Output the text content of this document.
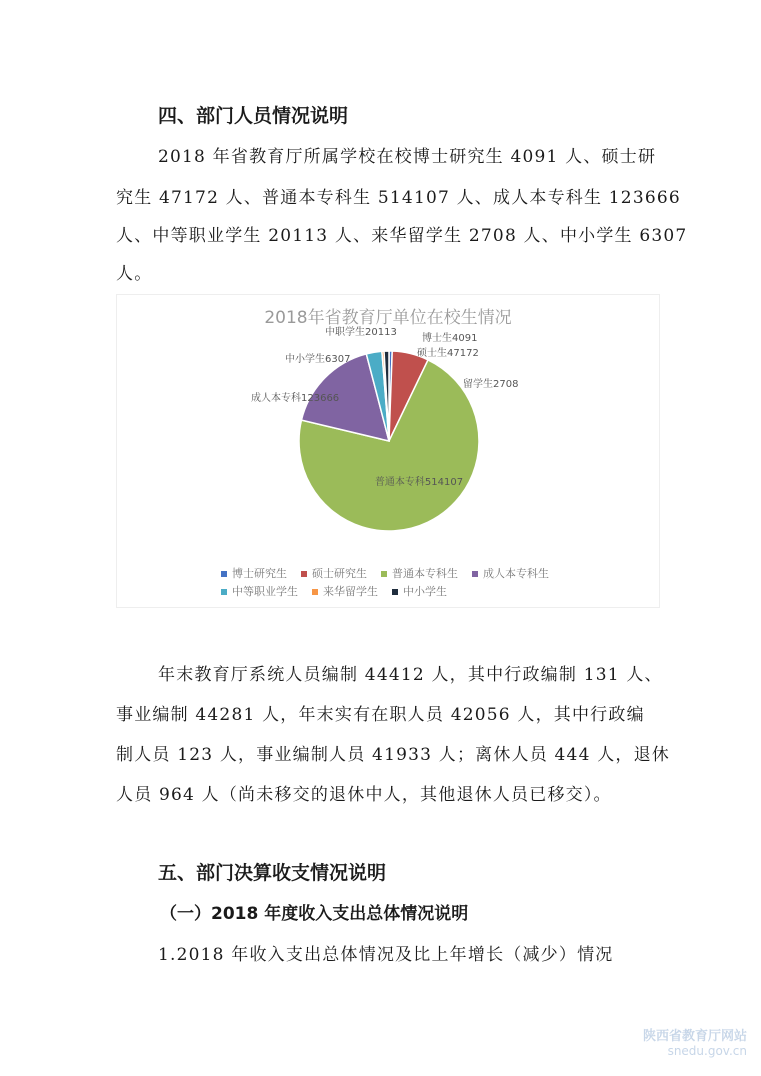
四、部门人员情况说明
2018 年省教育厅所属学校在校博士研究生 4091 人、硕士研
究生 47172 人、普通本专科生 514107 人、成人本专科生 123666
人、中等职业学生 20113 人、来华留学生 2708 人、中小学生 6307
人。
2018年省教育厅单位在校生情况
博士生4091
硕士生47172
普通本专科514107
成人本专科123666
中职学生20113
留学生2708
中小学生6307
博士研究生 硕士研究生 普通本专科生 成人本专科生
中等职业学生 来华留学生 中小学生
年末教育厅系统人员编制 44412 人，其中行政编制 131 人、
事业编制 44281 人，年末实有在职人员 42056 人，其中行政编
制人员 123 人，事业编制人员 41933 人；离休人员 444 人，退休
人员 964 人（尚未移交的退休中人，其他退休人员已移交）。
五、部门决算收支情况说明
（一）2018 年度收入支出总体情况说明
1.2018 年收入支出总体情况及比上年增长（减少）情况
陕西省教育厅网站
snedu.gov.cn
